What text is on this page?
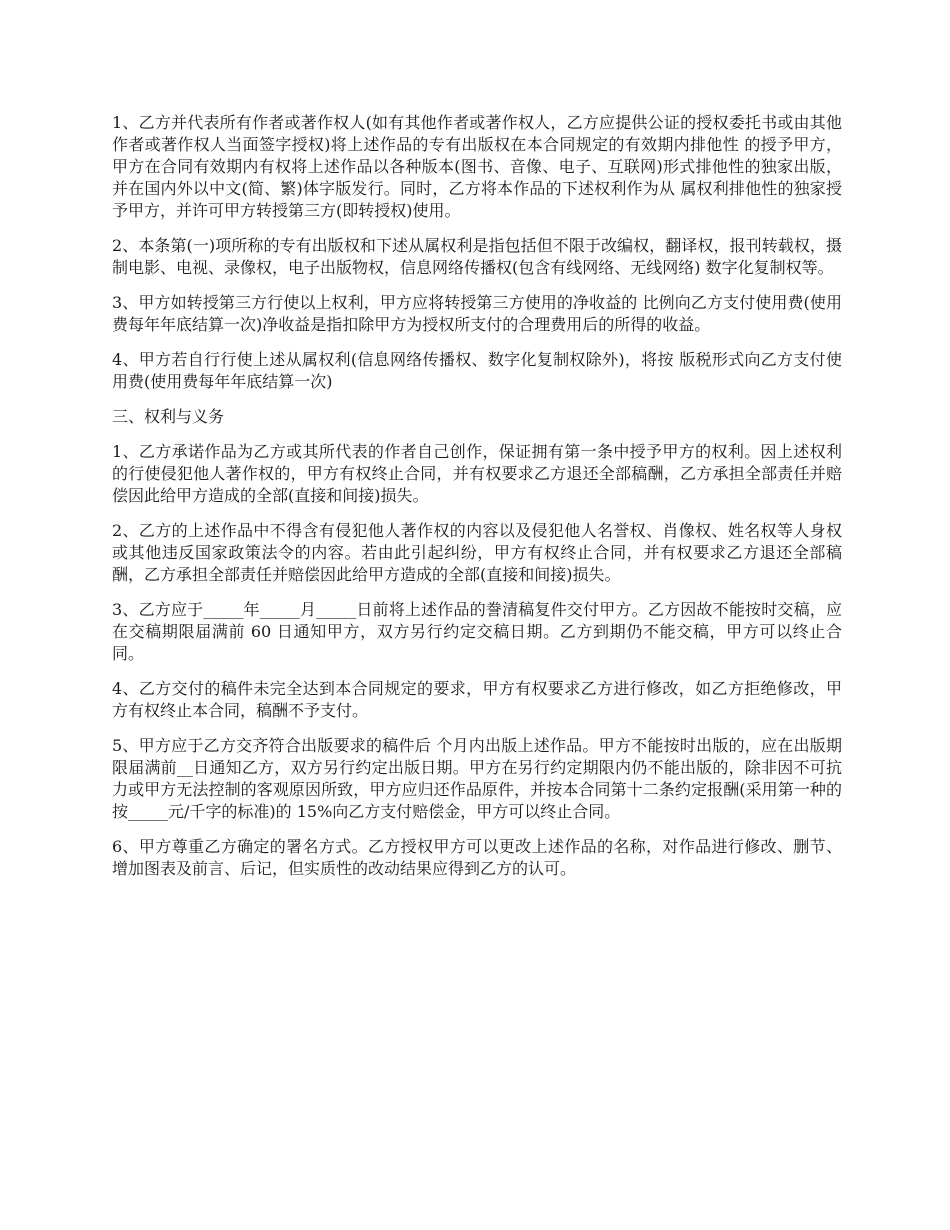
1、乙方并代表所有作者或著作权人(如有其他作者或著作权人，乙方应提供公证的授权委托书或由其他作者或著作权人当面签字授权)将上述作品的专有出版权在本合同规定的有效期内排他性 的授予甲方，甲方在合同有效期内有权将上述作品以各种版本(图书、音像、电子、互联网)形式排他性的独家出版，并在国内外以中文(简、繁)体字版发行。同时，乙方将本作品的下述权利作为从 属权利排他性的独家授予甲方，并许可甲方转授第三方(即转授权)使用。

2、本条第(一)项所称的专有出版权和下述从属权利是指包括但不限于改编权，翻译权，报刊转载权，摄制电影、电视、录像权，电子出版物权，信息网络传播权(包含有线网络、无线网络) 数字化复制权等。

3、甲方如转授第三方行使以上权利，甲方应将转授第三方使用的净收益的 比例向乙方支付使用费(使用费每年年底结算一次)净收益是指扣除甲方为授权所支付的合理费用后的所得的收益。

4、甲方若自行行使上述从属权利(信息网络传播权、数字化复制权除外)，将按 版税形式向乙方支付使用费(使用费每年年底结算一次)

三、权利与义务

1、乙方承诺作品为乙方或其所代表的作者自己创作，保证拥有第一条中授予甲方的权利。因上述权利的行使侵犯他人著作权的，甲方有权终止合同，并有权要求乙方退还全部稿酬，乙方承担全部责任并赔偿因此给甲方造成的全部(直接和间接)损失。

2、乙方的上述作品中不得含有侵犯他人著作权的内容以及侵犯他人名誉权、肖像权、姓名权等人身权或其他违反国家政策法令的内容。若由此引起纠纷，甲方有权终止合同，并有权要求乙方退还全部稿酬，乙方承担全部责任并赔偿因此给甲方造成的全部(直接和间接)损失。

3、乙方应于_____年_____月_____日前将上述作品的誊清稿复件交付甲方。乙方因故不能按时交稿，应在交稿期限届满前 60 日通知甲方，双方另行约定交稿日期。乙方到期仍不能交稿，甲方可以终止合同。

4、乙方交付的稿件未完全达到本合同规定的要求，甲方有权要求乙方进行修改，如乙方拒绝修改，甲方有权终止本合同，稿酬不予支付。

5、甲方应于乙方交齐符合出版要求的稿件后 个月内出版上述作品。甲方不能按时出版的，应在出版期限届满前__日通知乙方，双方另行约定出版日期。甲方在另行约定期限内仍不能出版的，除非因不可抗力或甲方无法控制的客观原因所致，甲方应归还作品原件，并按本合同第十二条约定报酬(采用第一种的按_____元/千字的标准)的 15%向乙方支付赔偿金，甲方可以终止合同。

6、甲方尊重乙方确定的署名方式。乙方授权甲方可以更改上述作品的名称，对作品进行修改、删节、增加图表及前言、后记，但实质性的改动结果应得到乙方的认可。
